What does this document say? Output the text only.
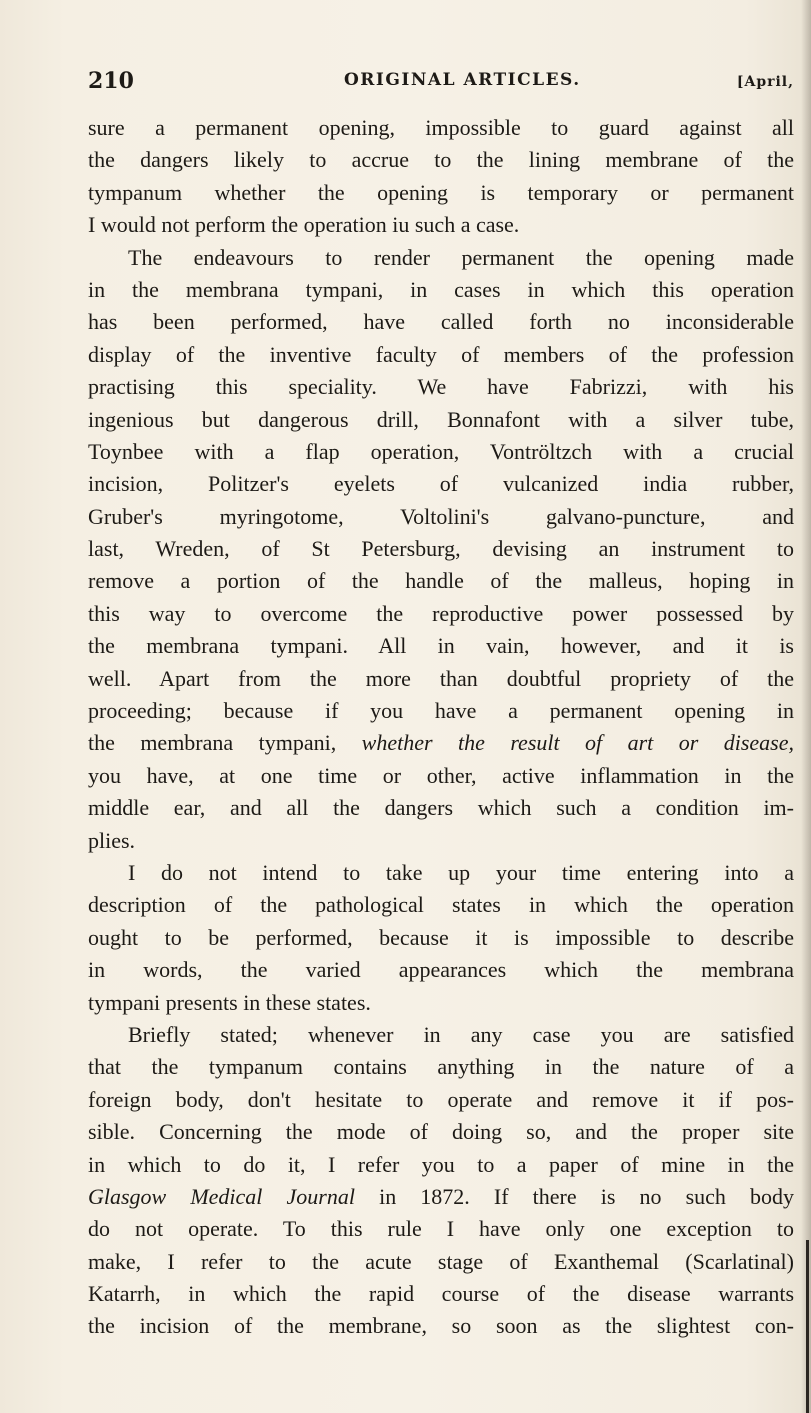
210	ORIGINAL ARTICLES.	[April,
sure a permanent opening, impossible to guard against all
the dangers likely to accrue to the lining membrane of the
tympanum whether the opening is temporary or permanent
I would not perform the operation iu such a case.
The endeavours to render permanent the opening made
in the membrana tympani, in cases in which this operation
has been performed, have called forth no inconsiderable
display of the inventive faculty of members of the profession
practising this speciality. We have Fabrizzi, with his
ingenious but dangerous drill, Bonnafont with a silver tube,
Toynbee with a flap operation, Vontröltzch with a crucial
incision, Politzer's eyelets of vulcanized india rubber,
Gruber's myringotome, Voltolini's galvano-puncture, and
last, Wreden, of St Petersburg, devising an instrument to
remove a portion of the handle of the malleus, hoping in
this way to overcome the reproductive power possessed by
the membrana tympani. All in vain, however, and it is
well. Apart from the more than doubtful propriety of the
proceeding; because if you have a permanent opening in
the membrana tympani, whether the result of art or disease,
you have, at one time or other, active inflammation in the
middle ear, and all the dangers which such a condition im-
plies.
I do not intend to take up your time entering into a
description of the pathological states in which the operation
ought to be performed, because it is impossible to describe
in words, the varied appearances which the membrana
tympani presents in these states.
Briefly stated; whenever in any case you are satisfied
that the tympanum contains anything in the nature of a
foreign body, don't hesitate to operate and remove it if pos-
sible. Concerning the mode of doing so, and the proper site
in which to do it, I refer you to a paper of mine in the
Glasgow Medical Journal in 1872. If there is no such body
do not operate. To this rule I have only one exception to
make, I refer to the acute stage of Exanthemal (Scarlatinal)
Katarrh, in which the rapid course of the disease warrants
the incision of the membrane, so soon as the slightest con-
